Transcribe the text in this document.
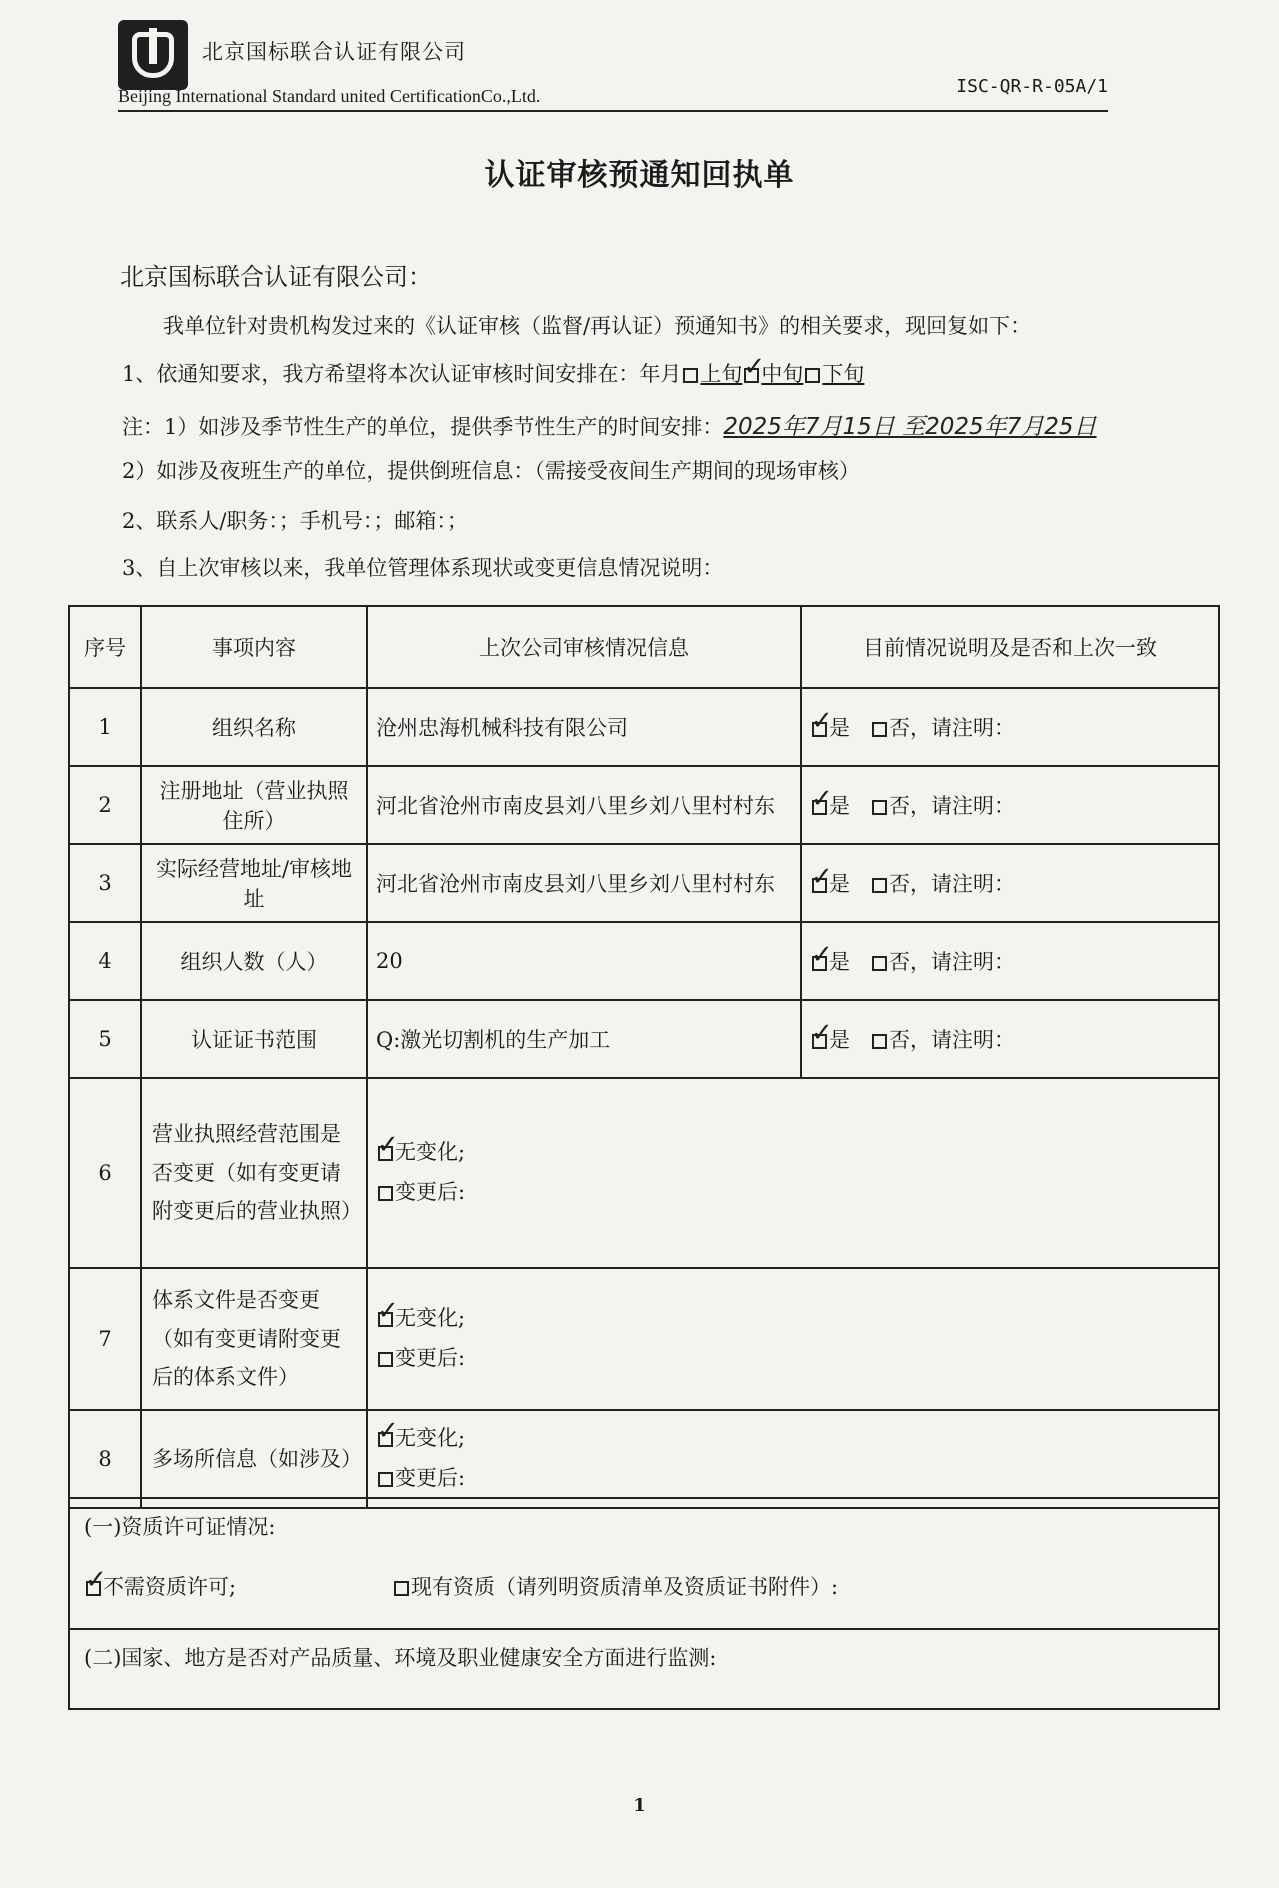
北京国标联合认证有限公司
Beijing International Standard united CertificationCo.,Ltd.	ISC-QR-R-05A/1
认证审核预通知回执单
北京国标联合认证有限公司：
我单位针对贵机构发过来的《认证审核（监督/再认证）预通知书》的相关要求，现回复如下：
1、依通知要求，我方希望将本次认证审核时间安排在：年月 上旬 ✓ 中旬 下旬
注：1）如涉及季节性生产的单位，提供季节性生产的时间安排：2025年7月15日 至2025年7月25日
2）如涉及夜班生产的单位，提供倒班信息：（需接受夜间生产期间的现场审核）
2、联系人/职务：；手机号：；邮箱：；
3、自上次审核以来，我单位管理体系现状或变更信息情况说明：
序号	事项内容	上次公司审核情况信息	目前情况说明及是否和上次一致
1	组织名称	沧州忠海机械科技有限公司	✓是 否，请注明：
2	注册地址（营业执照住所）	河北省沧州市南皮县刘八里乡刘八里村村东	✓是 否，请注明：
3	实际经营地址/审核地址	河北省沧州市南皮县刘八里乡刘八里村村东	✓是 否，请注明：
4	组织人数（人）	20	✓是 否，请注明：
5	认证证书范围	Q:激光切割机的生产加工	✓是 否，请注明：
6	营业执照经营范围是否变更（如有变更请附变更后的营业执照）	
✓无变化;
变更后:

7	体系文件是否变更（如有变更请附变更后的体系文件）	
✓无变化;
变更后:

8	多场所信息（如涉及）	
✓无变化;
变更后:
(一)资质许可证情况:
✓不需资质许可;	现有资质（请列明资质清单及资质证书附件）:
(二)国家、地方是否对产品质量、环境及职业健康安全方面进行监测:
1
